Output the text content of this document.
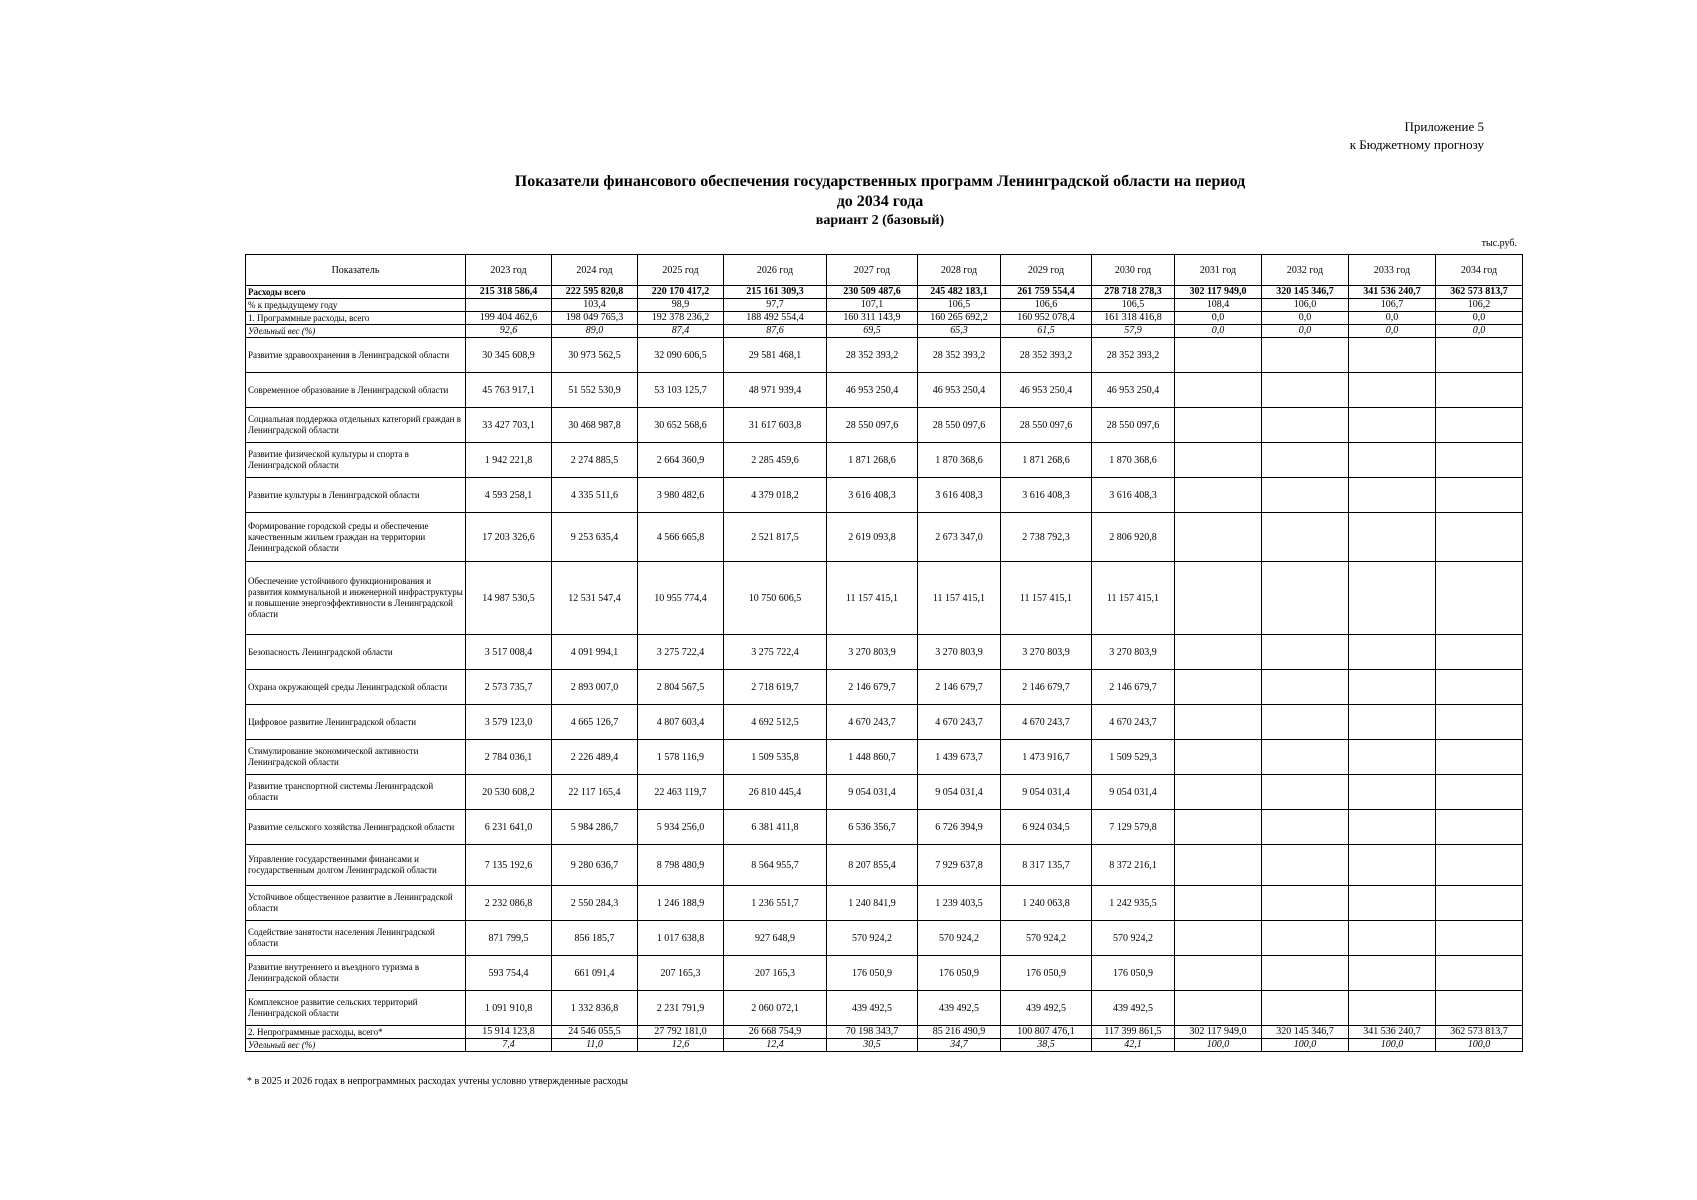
Приложение 5
к Бюджетному прогнозу
Показатели финансового обеспечения государственных программ Ленинградской области на период
до 2034 года
вариант 2 (базовый)
тыс.руб.
Показатель	2023 год	2024 год	2025 год	2026 год	2027 год	2028 год	2029 год	2030 год	2031 год	2032 год	2033 год	2034 год
Расходы всего	215 318 586,4	222 595 820,8	220 170 417,2	215 161 309,3	230 509 487,6	245 482 183,1	261 759 554,4	278 718 278,3	302 117 949,0	320 145 346,7	341 536 240,7	362 573 813,7
% к предыдущему году		103,4	98,9	97,7	107,1	106,5	106,6	106,5	108,4	106,0	106,7	106,2
1. Программные расходы, всего	199 404 462,6	198 049 765,3	192 378 236,2	188 492 554,4	160 311 143,9	160 265 692,2	160 952 078,4	161 318 416,8	0,0	0,0	0,0	0,0
Удельный вес (%)	92,6	89,0	87,4	87,6	69,5	65,3	61,5	57,9	0,0	0,0	0,0	0,0
Развитие здравоохранения в Ленинградской области	30 345 608,9	30 973 562,5	32 090 606,5	29 581 468,1	28 352 393,2	28 352 393,2	28 352 393,2	28 352 393,2				
Современное образование в Ленинградской области	45 763 917,1	51 552 530,9	53 103 125,7	48 971 939,4	46 953 250,4	46 953 250,4	46 953 250,4	46 953 250,4				
Социальная поддержка отдельных категорий граждан в Ленинградской области	33 427 703,1	30 468 987,8	30 652 568,6	31 617 603,8	28 550 097,6	28 550 097,6	28 550 097,6	28 550 097,6				
Развитие физической культуры и спорта в Ленинградской области	1 942 221,8	2 274 885,5	2 664 360,9	2 285 459,6	1 871 268,6	1 870 368,6	1 871 268,6	1 870 368,6				
Развитие культуры в Ленинградской области	4 593 258,1	4 335 511,6	3 980 482,6	4 379 018,2	3 616 408,3	3 616 408,3	3 616 408,3	3 616 408,3				
Формирование городской среды и обеспечение качественным жильем граждан на территории Ленинградской области	17 203 326,6	9 253 635,4	4 566 665,8	2 521 817,5	2 619 093,8	2 673 347,0	2 738 792,3	2 806 920,8				
Обеспечение устойчивого функционирования и развития коммунальной и инженерной инфраструктуры и повышение энергоэффективности в Ленинградской области	14 987 530,5	12 531 547,4	10 955 774,4	10 750 606,5	11 157 415,1	11 157 415,1	11 157 415,1	11 157 415,1				
Безопасность Ленинградской области	3 517 008,4	4 091 994,1	3 275 722,4	3 275 722,4	3 270 803,9	3 270 803,9	3 270 803,9	3 270 803,9				
Охрана окружающей среды Ленинградской области	2 573 735,7	2 893 007,0	2 804 567,5	2 718 619,7	2 146 679,7	2 146 679,7	2 146 679,7	2 146 679,7				
Цифровое развитие Ленинградской области	3 579 123,0	4 665 126,7	4 807 603,4	4 692 512,5	4 670 243,7	4 670 243,7	4 670 243,7	4 670 243,7				
Стимулирование экономической активности Ленинградской области	2 784 036,1	2 226 489,4	1 578 116,9	1 509 535,8	1 448 860,7	1 439 673,7	1 473 916,7	1 509 529,3				
Развитие транспортной системы Ленинградской области	20 530 608,2	22 117 165,4	22 463 119,7	26 810 445,4	9 054 031,4	9 054 031,4	9 054 031,4	9 054 031,4				
Развитие сельского хозяйства Ленинградской области	6 231 641,0	5 984 286,7	5 934 256,0	6 381 411,8	6 536 356,7	6 726 394,9	6 924 034,5	7 129 579,8				
Управление государственными финансами и государственным долгом Ленинградской области	7 135 192,6	9 280 636,7	8 798 480,9	8 564 955,7	8 207 855,4	7 929 637,8	8 317 135,7	8 372 216,1				
Устойчивое общественное развитие в Ленинградской области	2 232 086,8	2 550 284,3	1 246 188,9	1 236 551,7	1 240 841,9	1 239 403,5	1 240 063,8	1 242 935,5				
Содействие занятости населения Ленинградской области	871 799,5	856 185,7	1 017 638,8	927 648,9	570 924,2	570 924,2	570 924,2	570 924,2				
Развитие внутреннего и въездного туризма в Ленинградской области	593 754,4	661 091,4	207 165,3	207 165,3	176 050,9	176 050,9	176 050,9	176 050,9				
Комплексное развитие сельских территорий Ленинградской области	1 091 910,8	1 332 836,8	2 231 791,9	2 060 072,1	439 492,5	439 492,5	439 492,5	439 492,5				
2. Непрограммные расходы, всего*	15 914 123,8	24 546 055,5	27 792 181,0	26 668 754,9	70 198 343,7	85 216 490,9	100 807 476,1	117 399 861,5	302 117 949,0	320 145 346,7	341 536 240,7	362 573 813,7
Удельный вес (%)	7,4	11,0	12,6	12,4	30,5	34,7	38,5	42,1	100,0	100,0	100,0	100,0
* в 2025 и 2026 годах в непрограммных расходах учтены условно утвержденные расходы
